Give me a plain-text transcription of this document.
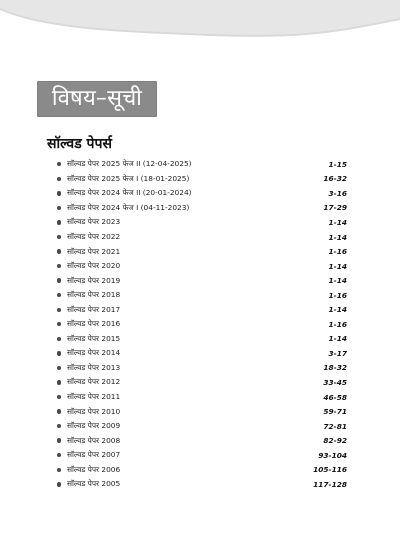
विषय–सूची
सॉल्वड पेपर्स
सॉल्वड पेपर 2025 फेज II (12-04-2025)	1-15
सॉल्वड पेपर 2025 फेज I (18-01-2025)	16-32
सॉल्वड पेपर 2024 फेज II (20-01-2024)	3-16
सॉल्वड पेपर 2024 फेज I (04-11-2023)	17-29
सॉल्वड पेपर 2023	1-14
सॉल्वड पेपर 2022	1-14
सॉल्वड पेपर 2021	1-16
सॉल्वड पेपर 2020	1-14
सॉल्वड पेपर 2019	1-14
सॉल्वड पेपर 2018	1-16
सॉल्वड पेपर 2017	1-14
सॉल्वड पेपर 2016	1-16
सॉल्वड पेपर 2015	1-14
सॉल्वड पेपर 2014	3-17
सॉल्वड पेपर 2013	18-32
सॉल्वड पेपर 2012	33-45
सॉल्वड पेपर 2011	46-58
सॉल्वड पेपर 2010	59-71
सॉल्वड पेपर 2009	72-81
सॉल्वड पेपर 2008	82-92
सॉल्वड पेपर 2007	93-104
सॉल्वड पेपर 2006	105-116
सॉल्वड पेपर 2005	117-128
